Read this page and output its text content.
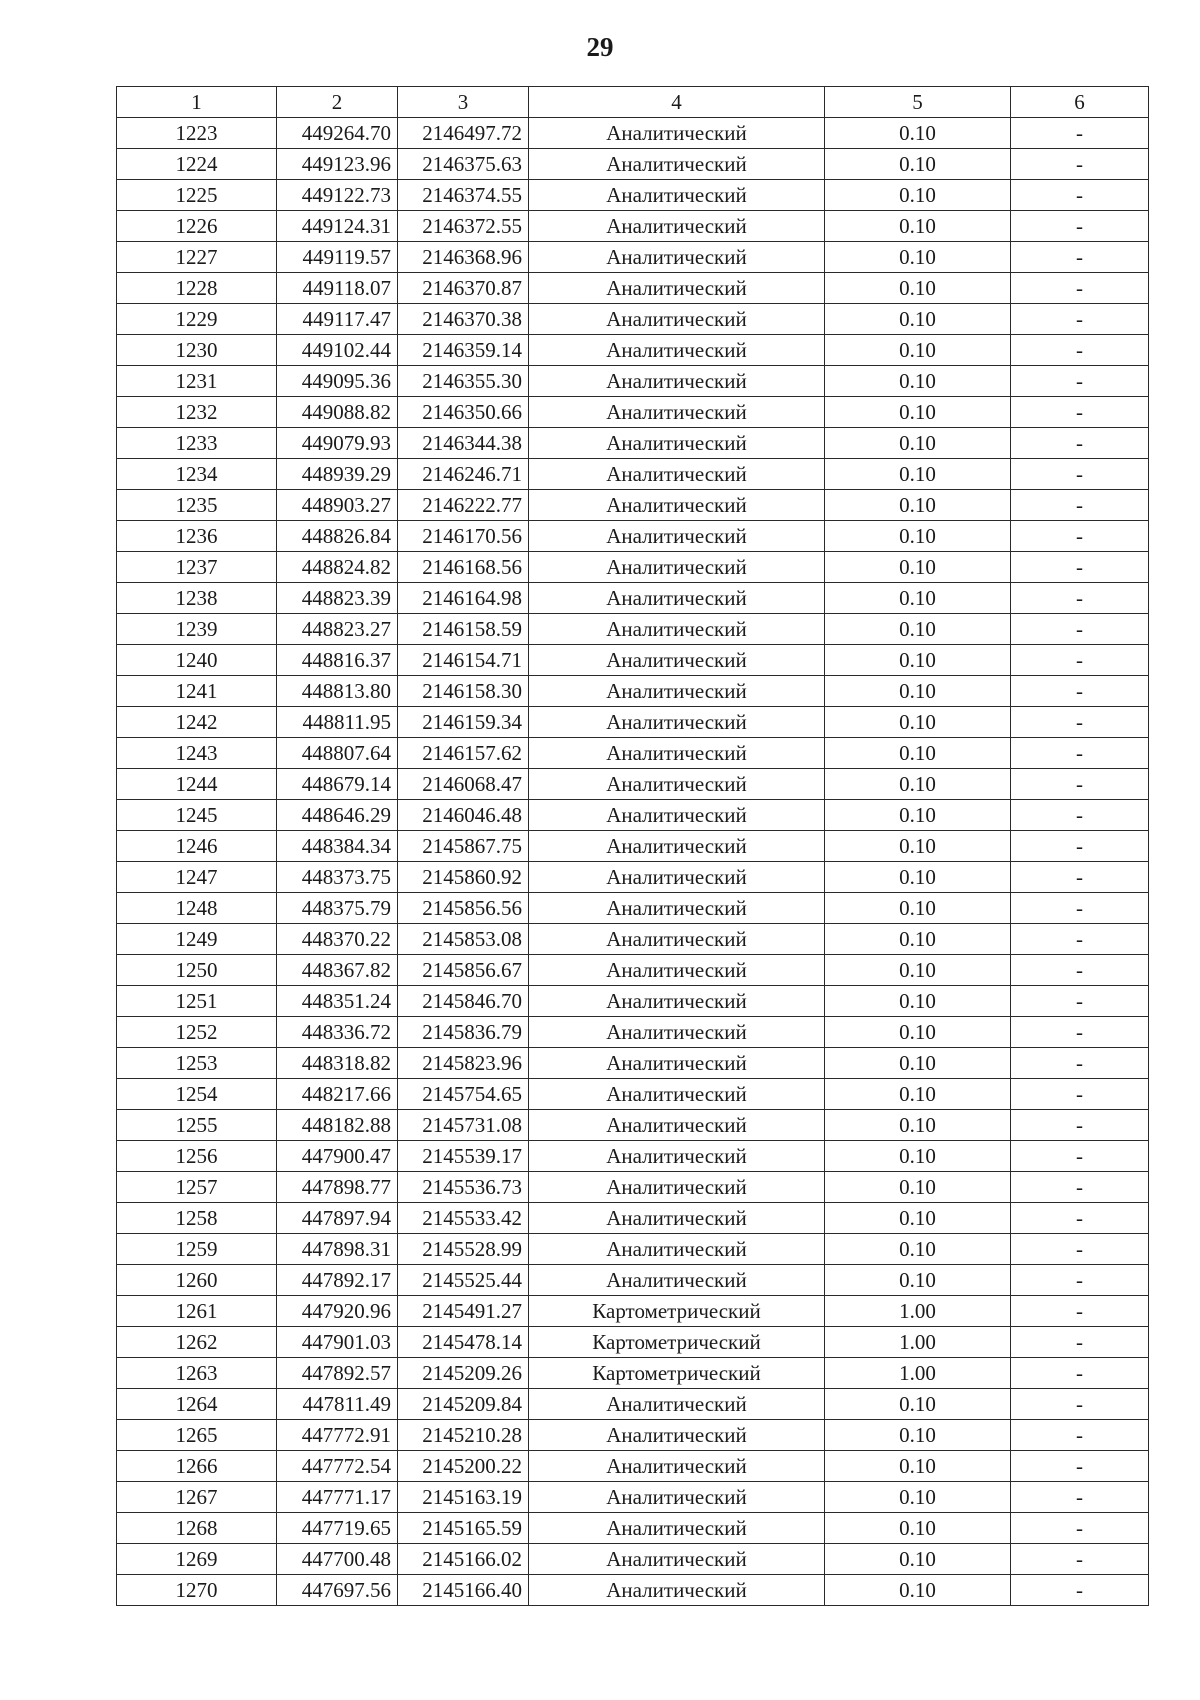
29
1	2	3	4	5	6
1223	449264.70	2146497.72	Аналитический	0.10	-
1224	449123.96	2146375.63	Аналитический	0.10	-
1225	449122.73	2146374.55	Аналитический	0.10	-
1226	449124.31	2146372.55	Аналитический	0.10	-
1227	449119.57	2146368.96	Аналитический	0.10	-
1228	449118.07	2146370.87	Аналитический	0.10	-
1229	449117.47	2146370.38	Аналитический	0.10	-
1230	449102.44	2146359.14	Аналитический	0.10	-
1231	449095.36	2146355.30	Аналитический	0.10	-
1232	449088.82	2146350.66	Аналитический	0.10	-
1233	449079.93	2146344.38	Аналитический	0.10	-
1234	448939.29	2146246.71	Аналитический	0.10	-
1235	448903.27	2146222.77	Аналитический	0.10	-
1236	448826.84	2146170.56	Аналитический	0.10	-
1237	448824.82	2146168.56	Аналитический	0.10	-
1238	448823.39	2146164.98	Аналитический	0.10	-
1239	448823.27	2146158.59	Аналитический	0.10	-
1240	448816.37	2146154.71	Аналитический	0.10	-
1241	448813.80	2146158.30	Аналитический	0.10	-
1242	448811.95	2146159.34	Аналитический	0.10	-
1243	448807.64	2146157.62	Аналитический	0.10	-
1244	448679.14	2146068.47	Аналитический	0.10	-
1245	448646.29	2146046.48	Аналитический	0.10	-
1246	448384.34	2145867.75	Аналитический	0.10	-
1247	448373.75	2145860.92	Аналитический	0.10	-
1248	448375.79	2145856.56	Аналитический	0.10	-
1249	448370.22	2145853.08	Аналитический	0.10	-
1250	448367.82	2145856.67	Аналитический	0.10	-
1251	448351.24	2145846.70	Аналитический	0.10	-
1252	448336.72	2145836.79	Аналитический	0.10	-
1253	448318.82	2145823.96	Аналитический	0.10	-
1254	448217.66	2145754.65	Аналитический	0.10	-
1255	448182.88	2145731.08	Аналитический	0.10	-
1256	447900.47	2145539.17	Аналитический	0.10	-
1257	447898.77	2145536.73	Аналитический	0.10	-
1258	447897.94	2145533.42	Аналитический	0.10	-
1259	447898.31	2145528.99	Аналитический	0.10	-
1260	447892.17	2145525.44	Аналитический	0.10	-
1261	447920.96	2145491.27	Картометрический	1.00	-
1262	447901.03	2145478.14	Картометрический	1.00	-
1263	447892.57	2145209.26	Картометрический	1.00	-
1264	447811.49	2145209.84	Аналитический	0.10	-
1265	447772.91	2145210.28	Аналитический	0.10	-
1266	447772.54	2145200.22	Аналитический	0.10	-
1267	447771.17	2145163.19	Аналитический	0.10	-
1268	447719.65	2145165.59	Аналитический	0.10	-
1269	447700.48	2145166.02	Аналитический	0.10	-
1270	447697.56	2145166.40	Аналитический	0.10	-
